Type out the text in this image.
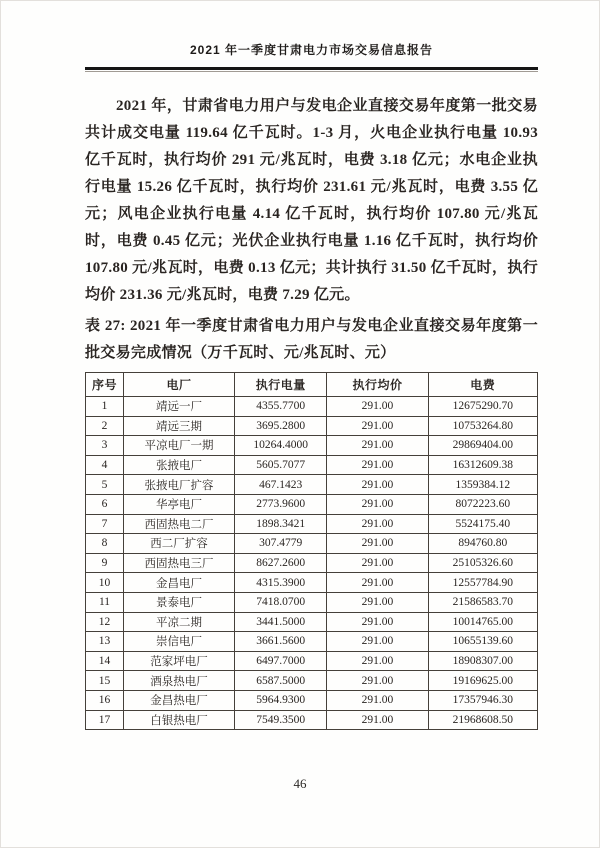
2021 年一季度甘肃电力市场交易信息报告

2021 年，甘肃省电力用户与发电企业直接交易年度第一批交易共计成交电量 119.64 亿千瓦时。1-3 月，火电企业执行电量 10.93 亿千瓦时，执行均价 291 元/兆瓦时，电费 3.18 亿元；水电企业执行电量 15.26 亿千瓦时，执行均价 231.61 元/兆瓦时，电费 3.55 亿元；风电企业执行电量 4.14 亿千瓦时，执行均价 107.80 元/兆瓦时，电费 0.45 亿元；光伏企业执行电量 1.16 亿千瓦时，执行均价 107.80 元/兆瓦时，电费 0.13 亿元；共计执行 31.50 亿千瓦时，执行均价 231.36 元/兆瓦时，电费 7.29 亿元。

表 27: 2021 年一季度甘肃省电力用户与发电企业直接交易年度第一批交易完成情况（万千瓦时、元/兆瓦时、元）

序号	电厂	执行电量	执行均价	电费
1	靖远一厂	4355.7700	291.00	12675290.70
2	靖远三期	3695.2800	291.00	10753264.80
3	平凉电厂一期	10264.4000	291.00	29869404.00
4	张掖电厂	5605.7077	291.00	16312609.38
5	张掖电厂扩容	467.1423	291.00	1359384.12
6	华亭电厂	2773.9600	291.00	8072223.60
7	西固热电二厂	1898.3421	291.00	5524175.40
8	西二厂扩容	307.4779	291.00	894760.80
9	西固热电三厂	8627.2600	291.00	25105326.60
10	金昌电厂	4315.3900	291.00	12557784.90
11	景泰电厂	7418.0700	291.00	21586583.70
12	平凉二期	3441.5000	291.00	10014765.00
13	崇信电厂	3661.5600	291.00	10655139.60
14	范家坪电厂	6497.7000	291.00	18908307.00
15	酒泉热电厂	6587.5000	291.00	19169625.00
16	金昌热电厂	5964.9300	291.00	17357946.30
17	白银热电厂	7549.3500	291.00	21968608.50
46
